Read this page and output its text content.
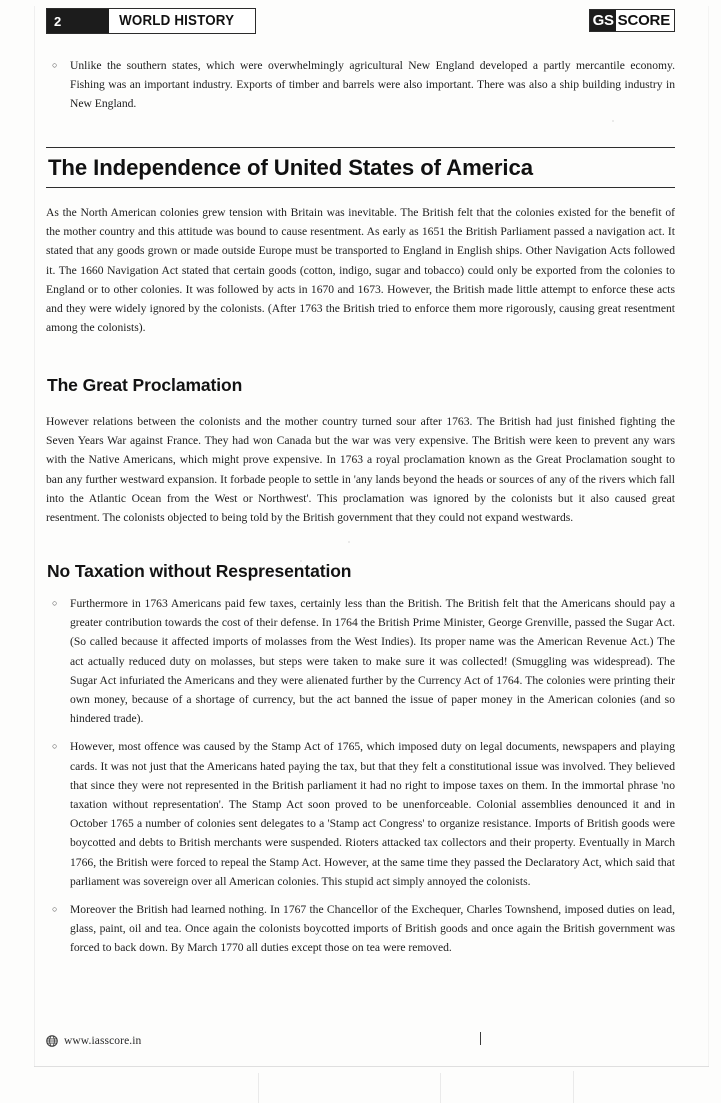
2	WORLD HISTORY	GS SCORE
○ Unlike the southern states, which were overwhelmingly agricultural New England developed a partly mercantile economy. Fishing was an important industry. Exports of timber and barrels were also important. There was also a ship building industry in New England.
The Independence of United States of America

As the North American colonies grew tension with Britain was inevitable. The British felt that the colonies existed for the benefit of the mother country and this attitude was bound to cause resentment. As early as 1651 the British Parliament passed a navigation act. It stated that any goods grown or made outside Europe must be transported to England in English ships. Other Navigation Acts followed it. The 1660 Navigation Act stated that certain goods (cotton, indigo, sugar and tobacco) could only be exported from the colonies to England or to other colonies. It was followed by acts in 1670 and 1673. However, the British made little attempt to enforce these acts and they were widely ignored by the colonists. (After 1763 the British tried to enforce them more rigorously, causing great resentment among the colonists).

The Great Proclamation

However relations between the colonists and the mother country turned sour after 1763. The British had just finished fighting the Seven Years War against France. They had won Canada but the war was very expensive. The British were keen to prevent any wars with the Native Americans, which might prove expensive. In 1763 a royal proclamation known as the Great Proclamation sought to ban any further westward expansion. It forbade people to settle in 'any lands beyond the heads or sources of any of the rivers which fall into the Atlantic Ocean from the West or Northwest'. This proclamation was ignored by the colonists but it also caused great resentment. The colonists objected to being told by the British government that they could not expand westwards.

No Taxation without Respresentation
○ Furthermore in 1763 Americans paid few taxes, certainly less than the British. The British felt that the Americans should pay a greater contribution towards the cost of their defense. In 1764 the British Prime Minister, George Grenville, passed the Sugar Act. (So called because it affected imports of molasses from the West Indies). Its proper name was the American Revenue Act.) The act actually reduced duty on molasses, but steps were taken to make sure it was collected! (Smuggling was widespread). The Sugar Act infuriated the Americans and they were alienated further by the Currency Act of 1764. The colonies were printing their own money, because of a shortage of currency, but the act banned the issue of paper money in the American colonies (and so hindered trade).
○ However, most offence was caused by the Stamp Act of 1765, which imposed duty on legal documents, newspapers and playing cards. It was not just that the Americans hated paying the tax, but that they felt a constitutional issue was involved. They believed that since they were not represented in the British parliament it had no right to impose taxes on them. In the immortal phrase 'no taxation without representation'. The Stamp Act soon proved to be unenforceable. Colonial assemblies denounced it and in October 1765 a number of colonies sent delegates to a 'Stamp act Congress' to organize resistance. Imports of British goods were boycotted and debts to British merchants were suspended. Rioters attacked tax collectors and their property. Eventually in March 1766, the British were forced to repeal the Stamp Act. However, at the same time they passed the Declaratory Act, which said that parliament was sovereign over all American colonies. This stupid act simply annoyed the colonists.
○ Moreover the British had learned nothing. In 1767 the Chancellor of the Exchequer, Charles Townshend, imposed duties on lead, glass, paint, oil and tea. Once again the colonists boycotted imports of British goods and once again the British government was forced to back down. By March 1770 all duties except those on tea were removed.
www.iasscore.in
